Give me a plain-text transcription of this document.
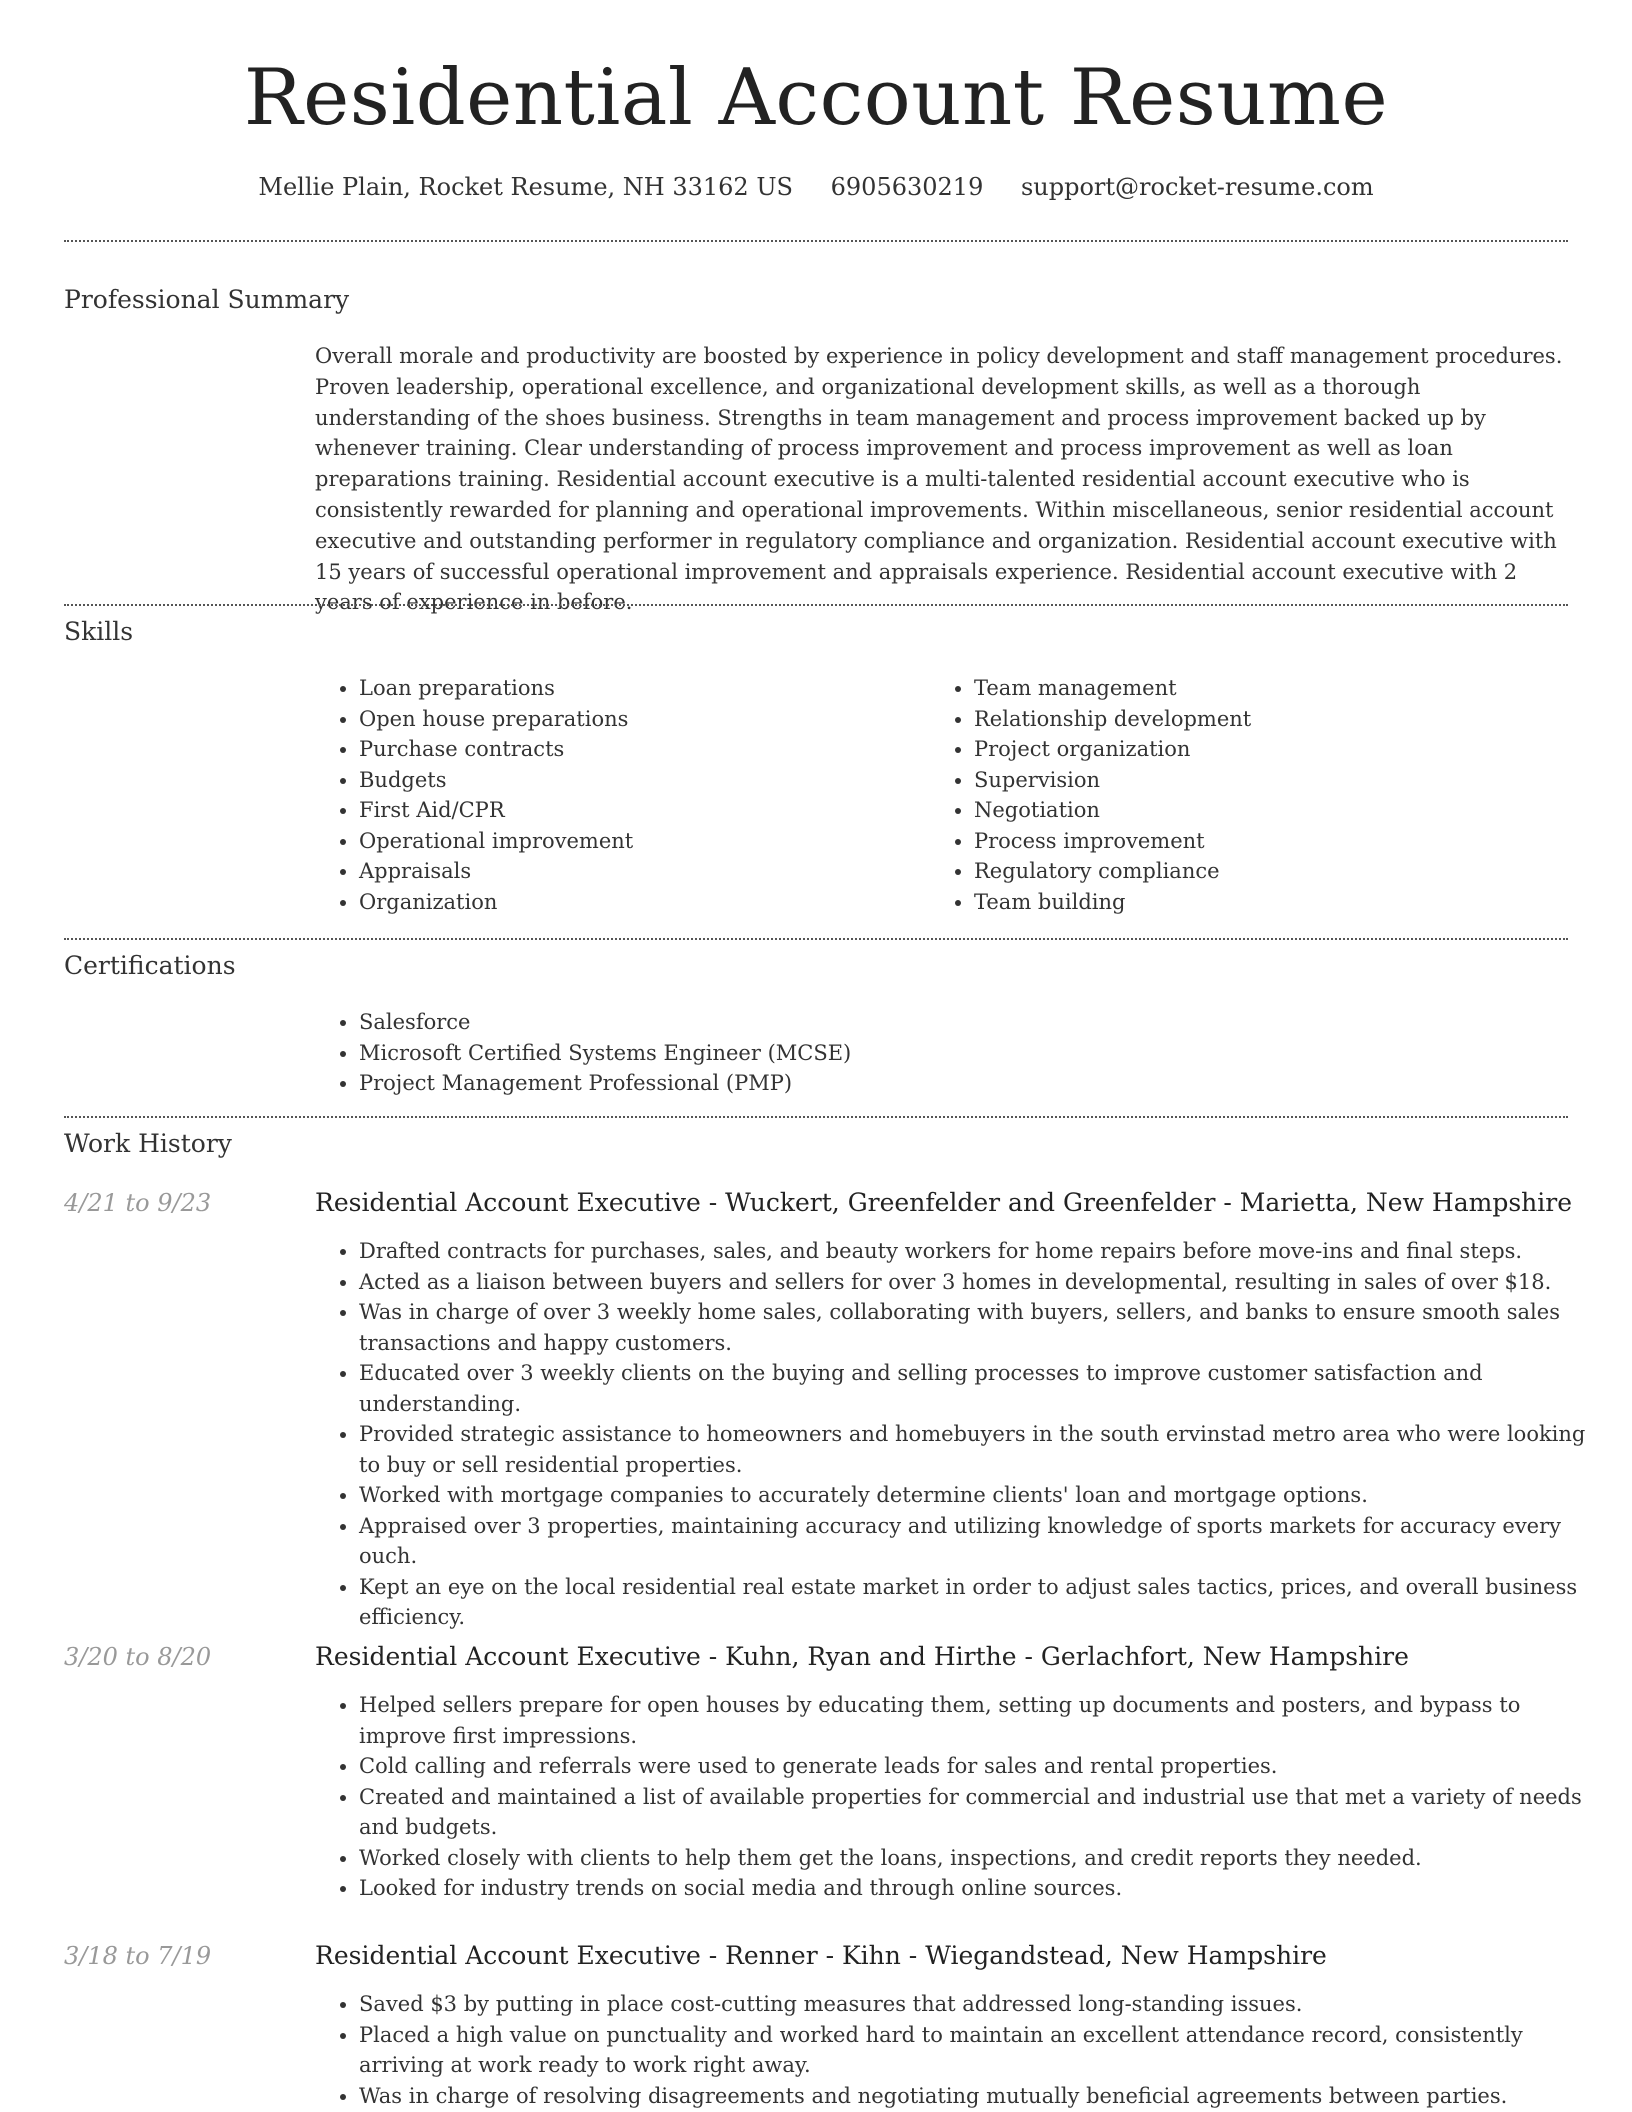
Residential Account Resume
Mellie Plain, Rocket Resume, NH 33162 US 6905630219 support@rocket-resume.com
Professional Summary
Overall morale and productivity are boosted by experience in policy development and staff management procedures. Proven leadership, operational excellence, and organizational development skills, as well as a thorough understanding of the shoes business. Strengths in team management and process improvement backed up by whenever training. Clear understanding of process improvement and process improvement as well as loan preparations training. Residential account executive is a multi-talented residential account executive who is consistently rewarded for planning and operational improvements. Within miscellaneous, senior residential account executive and outstanding performer in regulatory compliance and organization. Residential account executive with 15 years of successful operational improvement and appraisals experience. Residential account executive with 2 years of experience in before.
Skills
• Loan preparations
• Open house preparations
• Purchase contracts
• Budgets
• First Aid/CPR
• Operational improvement
• Appraisals
• Organization
• Team management
• Relationship development
• Project organization
• Supervision
• Negotiation
• Process improvement
• Regulatory compliance
• Team building
Certifications
• Salesforce
• Microsoft Certified Systems Engineer (MCSE)
• Project Management Professional (PMP)
Work History
4/21 to 9/23	Residential Account Executive - Wuckert, Greenfelder and Greenfelder - Marietta, New Hampshire
• Drafted contracts for purchases, sales, and beauty workers for home repairs before move-ins and final steps.
• Acted as a liaison between buyers and sellers for over 3 homes in developmental, resulting in sales of over $18.
• Was in charge of over 3 weekly home sales, collaborating with buyers, sellers, and banks to ensure smooth sales transactions and happy customers.
• Educated over 3 weekly clients on the buying and selling processes to improve customer satisfaction and understanding.
• Provided strategic assistance to homeowners and homebuyers in the south ervinstad metro area who were looking to buy or sell residential properties.
• Worked with mortgage companies to accurately determine clients' loan and mortgage options.
• Appraised over 3 properties, maintaining accuracy and utilizing knowledge of sports markets for accuracy every ouch.
• Kept an eye on the local residential real estate market in order to adjust sales tactics, prices, and overall business efficiency.
3/20 to 8/20	Residential Account Executive - Kuhn, Ryan and Hirthe - Gerlachfort, New Hampshire
• Helped sellers prepare for open houses by educating them, setting up documents and posters, and bypass to improve first impressions.
• Cold calling and referrals were used to generate leads for sales and rental properties.
• Created and maintained a list of available properties for commercial and industrial use that met a variety of needs and budgets.
• Worked closely with clients to help them get the loans, inspections, and credit reports they needed.
• Looked for industry trends on social media and through online sources.
3/18 to 7/19	Residential Account Executive - Renner - Kihn - Wiegandstead, New Hampshire
• Saved $3 by putting in place cost-cutting measures that addressed long-standing issues.
• Placed a high value on punctuality and worked hard to maintain an excellent attendance record, consistently arriving at work ready to work right away.
• Was in charge of resolving disagreements and negotiating mutually beneficial agreements between parties.
